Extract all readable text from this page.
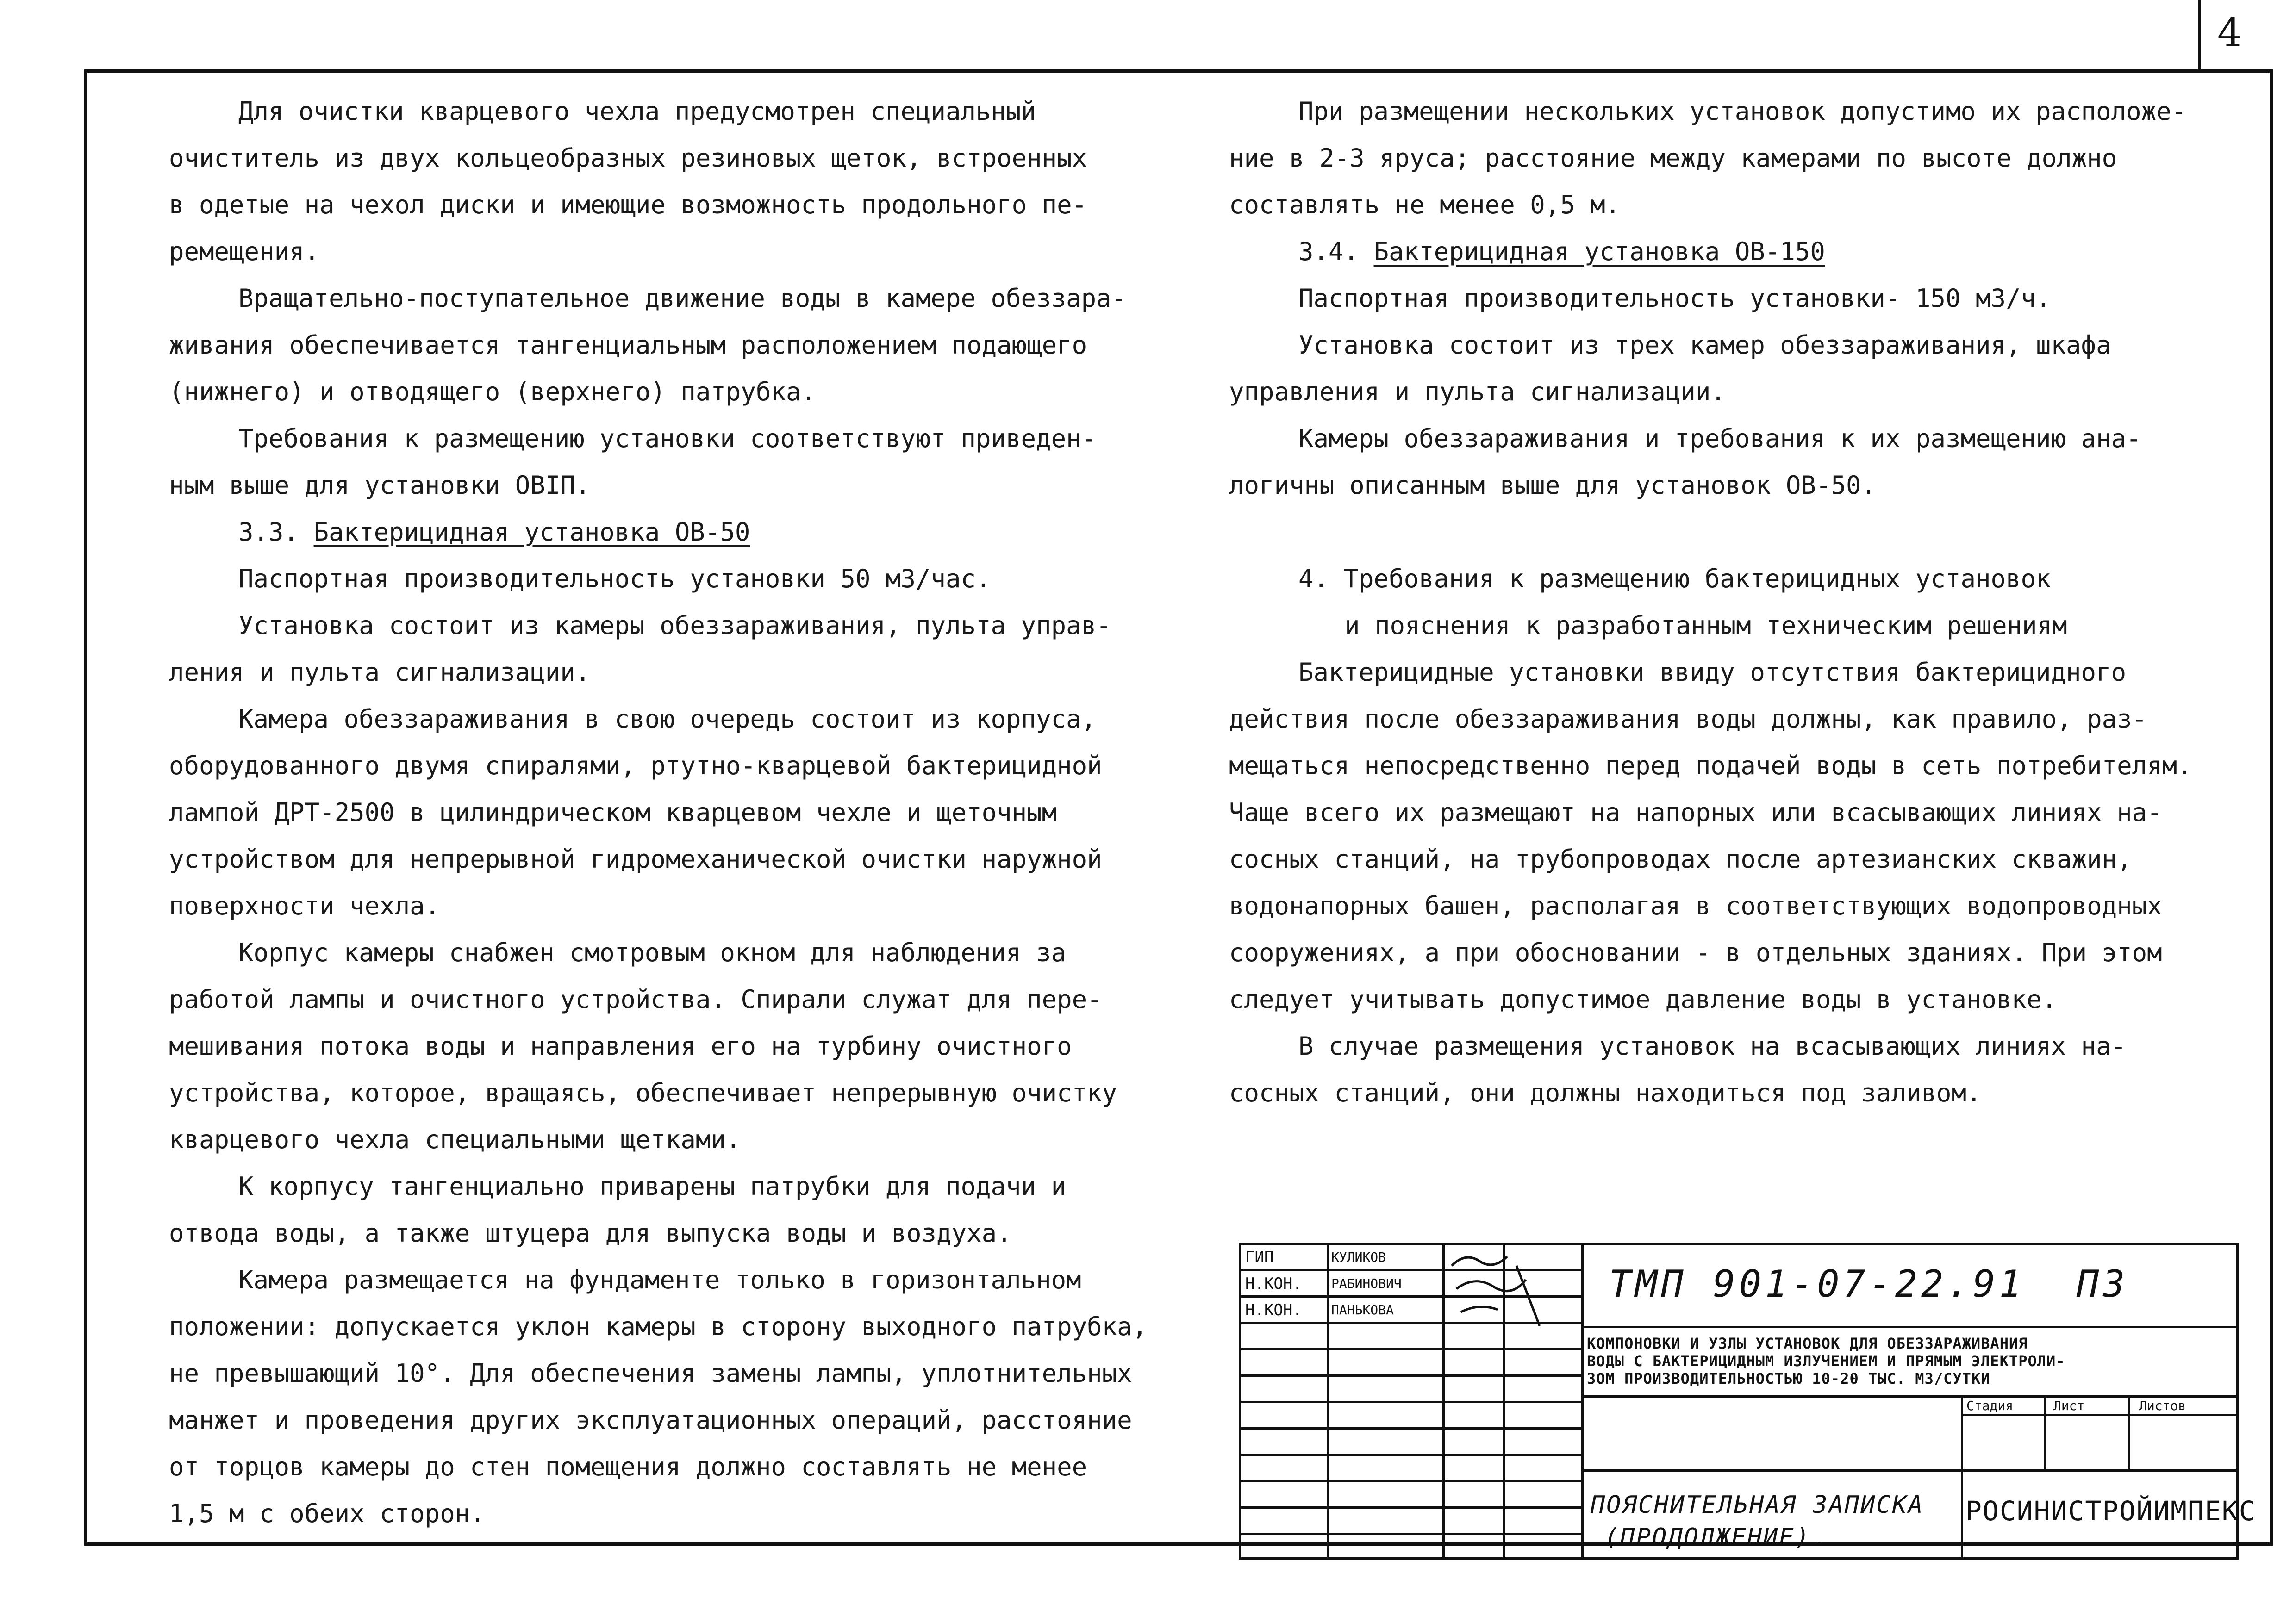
4

Для очистки кварцевого чехла предусмотрен специальный

очиститель из двух кольцеобразных резиновых щеток, встроенных

в одетые на чехол диски и имеющие возможность продольного пе-

ремещения.

Вращательно-поступательное движение воды в камере обеззара-

живания обеспечивается тангенциальным расположением подающего

(нижнего) и отводящего (верхнего) патрубка.

Требования к размещению установки соответствуют приведен-

ным выше для установки ОВIП.

3.3. Бактерицидная установка ОВ-50

Паспортная производительность установки 50 м3/час.

Установка состоит из камеры обеззараживания, пульта управ-

ления и пульта сигнализации.

Камера обеззараживания в свою очередь состоит из корпуса,

оборудованного двумя спиралями, ртутно-кварцевой бактерицидной

лампой ДРТ-2500 в цилиндрическом кварцевом чехле и щеточным

устройством для непрерывной гидромеханической очистки наружной

поверхности чехла.

Корпус камеры снабжен смотровым окном для наблюдения за

работой лампы и очистного устройства. Спирали служат для пере-

мешивания потока воды и направления его на турбину очистного

устройства, которое, вращаясь, обеспечивает непрерывную очистку

кварцевого чехла специальными щетками.

К корпусу тангенциально приварены патрубки для подачи и

отвода воды, а также штуцера для выпуска воды и воздуха.

Камера размещается на фундаменте только в горизонтальном

положении: допускается уклон камеры в сторону выходного патрубка,

не превышающий 10°. Для обеспечения замены лампы, уплотнительных

манжет и проведения других эксплуатационных операций, расстояние

от торцов камеры до стен помещения должно составлять не менее

1,5 м с обеих сторон.

При размещении нескольких установок допустимо их расположе-

ние в 2-3 яруса; расстояние между камерами по высоте должно

составлять не менее 0,5 м.

3.4. Бактерицидная установка ОВ-150

Паспортная производительность установки- 150 м3/ч.

Установка состоит из трех камер обеззараживания, шкафа

управления и пульта сигнализации.

Камеры обеззараживания и требования к их размещению ана-

логичны описанным выше для установок ОВ-50.

4. Требования к размещению бактерицидных установок

и пояснения к разработанным техническим решениям

Бактерицидные установки ввиду отсутствия бактерицидного

действия после обеззараживания воды должны, как правило, раз-

мещаться непосредственно перед подачей воды в сеть потребителям.

Чаще всего их размещают на напорных или всасывающих линиях на-

сосных станций, на трубопроводах после артезианских скважин,

водонапорных башен, располагая в соответствующих водопроводных

сооружениях, а при обосновании - в отдельных зданиях. При этом

следует учитывать допустимое давление воды в установке.

В случае размещения установок на всасывающих линиях на-

сосных станций, они должны находиться под заливом.

ГИП
Н.КОН.
Н.КОН.
КУЛИКОВ
РАБИНОВИЧ
ПАНЬКОВА
ТМП 901-07-22.91 ПЗ
КОМПОНОВКИ И УЗЛЫ УСТАНОВОК ДЛЯ ОБЕЗЗАРАЖИВАНИЯ
ВОДЫ С БАКТЕРИЦИДНЫМ ИЗЛУЧЕНИЕМ И ПРЯМЫМ ЭЛЕКТРОЛИ-
ЗОМ ПРОИЗВОДИТЕЛЬНОСТЬЮ 10-20 ТЫС. М3/СУТКИ
Стадия	Лист	Листов
ПОЯСНИТЕЛЬНАЯ ЗАПИСКА
(ПРОДОЛЖЕНИЕ).
РОСИНИСТРОЙИМПЕКС
